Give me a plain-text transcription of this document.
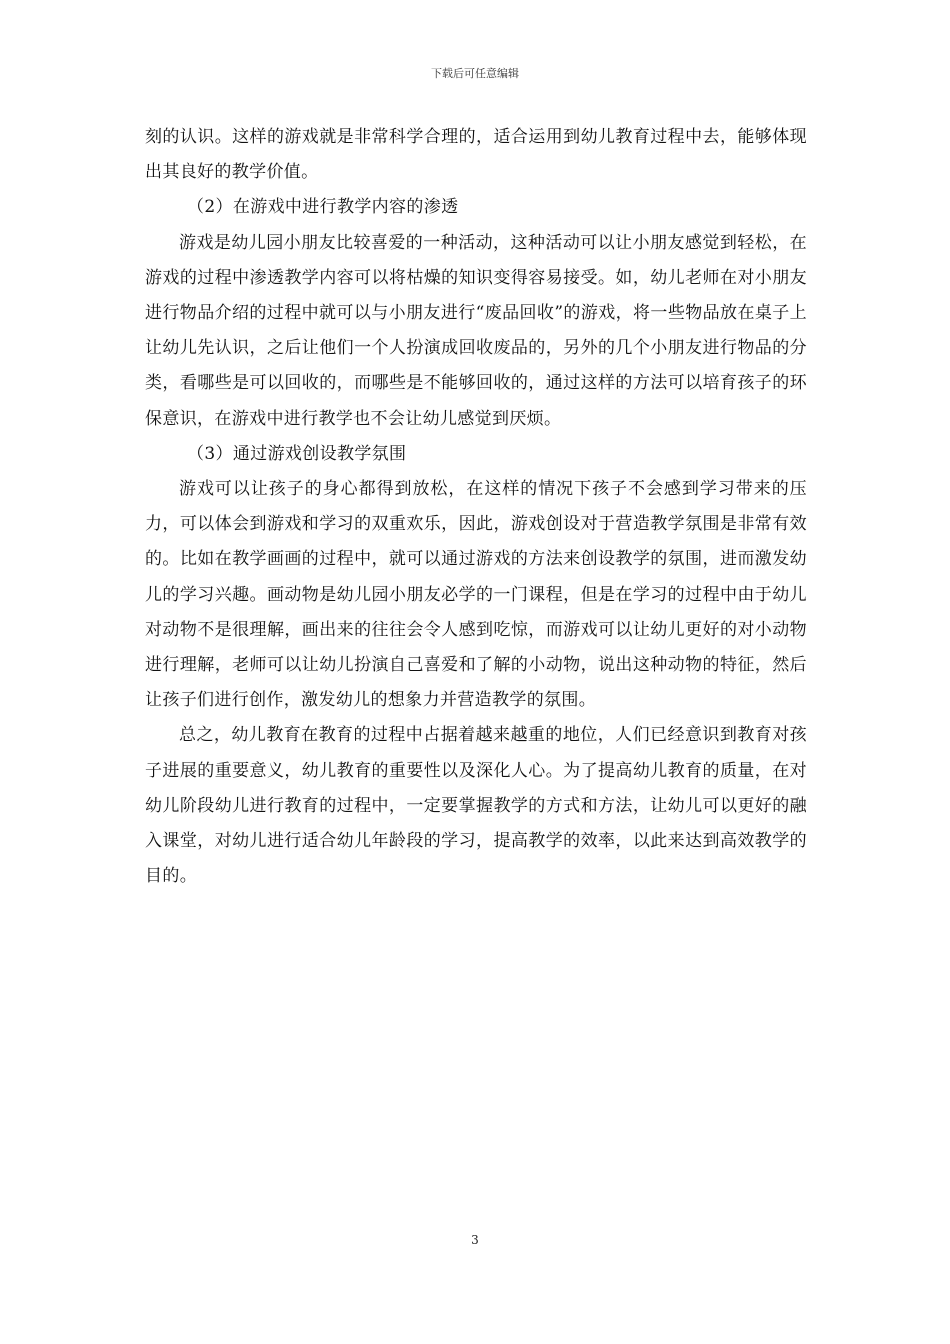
下载后可任意编辑

刻的认识。这样的游戏就是非常科学合理的，适合运用到幼儿教育过程中去，能够体现出其良好的教学价值。

（2）在游戏中进行教学内容的渗透

游戏是幼儿园小朋友比较喜爱的一种活动，这种活动可以让小朋友感觉到轻松，在游戏的过程中渗透教学内容可以将枯燥的知识变得容易接受。如，幼儿老师在对小朋友进行物品介绍的过程中就可以与小朋友进行“废品回收”的游戏，将一些物品放在桌子上让幼儿先认识，之后让他们一个人扮演成回收废品的，另外的几个小朋友进行物品的分类，看哪些是可以回收的，而哪些是不能够回收的，通过这样的方法可以培育孩子的环保意识，在游戏中进行教学也不会让幼儿感觉到厌烦。

（3）通过游戏创设教学氛围

游戏可以让孩子的身心都得到放松，在这样的情况下孩子不会感到学习带来的压力，可以体会到游戏和学习的双重欢乐，因此，游戏创设对于营造教学氛围是非常有效的。比如在教学画画的过程中，就可以通过游戏的方法来创设教学的氛围，进而激发幼儿的学习兴趣。画动物是幼儿园小朋友必学的一门课程，但是在学习的过程中由于幼儿对动物不是很理解，画出来的往往会令人感到吃惊，而游戏可以让幼儿更好的对小动物进行理解，老师可以让幼儿扮演自己喜爱和了解的小动物，说出这种动物的特征，然后让孩子们进行创作，激发幼儿的想象力并营造教学的氛围。

总之，幼儿教育在教育的过程中占据着越来越重的地位，人们已经意识到教育对孩子进展的重要意义，幼儿教育的重要性以及深化人心。为了提高幼儿教育的质量，在对幼儿阶段幼儿进行教育的过程中，一定要掌握教学的方式和方法，让幼儿可以更好的融入课堂，对幼儿进行适合幼儿年龄段的学习，提高教学的效率，以此来达到高效教学的目的。

3
